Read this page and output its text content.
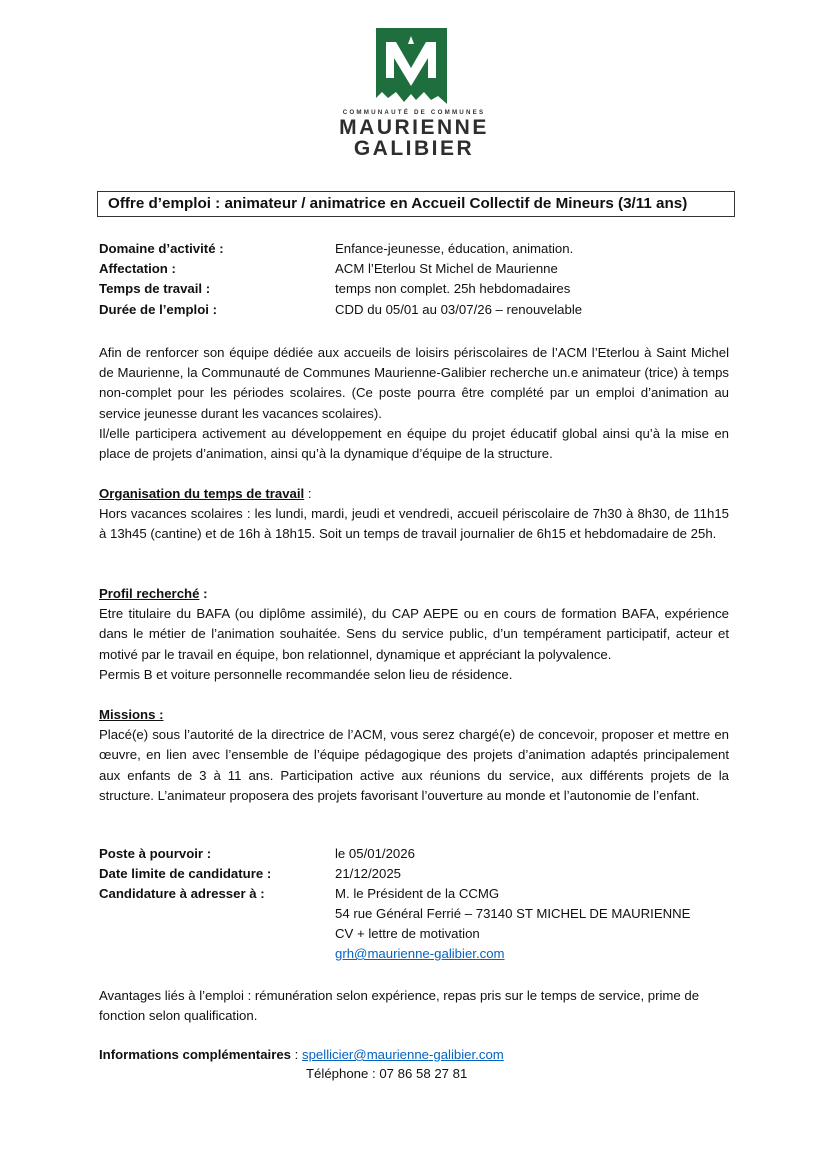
COMMUNAUTÉ DE COMMUNES
MAURIENNE
GALIBIER
Offre d’emploi : animateur / animatrice en Accueil Collectif de Mineurs (3/11 ans)
Domaine d’activité :	Enfance-jeunesse, éducation, animation.
Affectation :	ACM l’Eterlou St Michel de Maurienne
Temps de travail :	temps non complet. 25h hebdomadaires
Durée de l’emploi :	CDD du 05/01 au 03/07/26 – renouvelable

Afin de renforcer son équipe dédiée aux accueils de loisirs périscolaires de l’ACM l’Eterlou à Saint Michel de Maurienne, la Communauté de Communes Maurienne-Galibier recherche un.e animateur (trice) à temps non-complet pour les périodes scolaires. (Ce poste pourra être complété par un emploi d’animation au service jeunesse durant les vacances scolaires).

Il/elle participera activement au développement en équipe du projet éducatif global ainsi qu’à la mise en place de projets d’animation, ainsi qu’à la dynamique d’équipe de la structure.

Organisation du temps de travail :

Hors vacances scolaires : les lundi, mardi, jeudi et vendredi, accueil périscolaire de 7h30 à 8h30, de 11h15 à 13h45 (cantine) et de 16h à 18h15. Soit un temps de travail journalier de 6h15 et hebdomadaire de 25h.

Profil recherché :

Etre titulaire du BAFA (ou diplôme assimilé), du CAP AEPE ou en cours de formation BAFA, expérience dans le métier de l’animation souhaitée. Sens du service public, d’un tempérament participatif, acteur et motivé par le travail en équipe, bon relationnel, dynamique et appréciant la polyvalence.

Permis B et voiture personnelle recommandée selon lieu de résidence.

Missions :

Placé(e) sous l’autorité de la directrice de l’ACM, vous serez chargé(e) de concevoir, proposer et mettre en œuvre, en lien avec l’ensemble de l’équipe pédagogique des projets d’animation adaptés principalement aux enfants de 3 à 11 ans. Participation active aux réunions du service, aux différents projets de la structure. L’animateur proposera des projets favorisant l’ouverture au monde et l’autonomie de l’enfant.

Poste à pourvoir :	le 05/01/2026
Date limite de candidature :	21/12/2025
Candidature à adresser à :	M. le Président de la CCMG
54 rue Général Ferrié – 73140 ST MICHEL DE MAURIENNE
CV + lettre de motivation
grh@maurienne-galibier.com
Avantages liés à l’emploi : rémunération selon expérience, repas pris sur le temps de service, prime de fonction selon qualification.
Informations complémentaires : spellicier@maurienne-galibier.com
Téléphone : 07 86 58 27 81
